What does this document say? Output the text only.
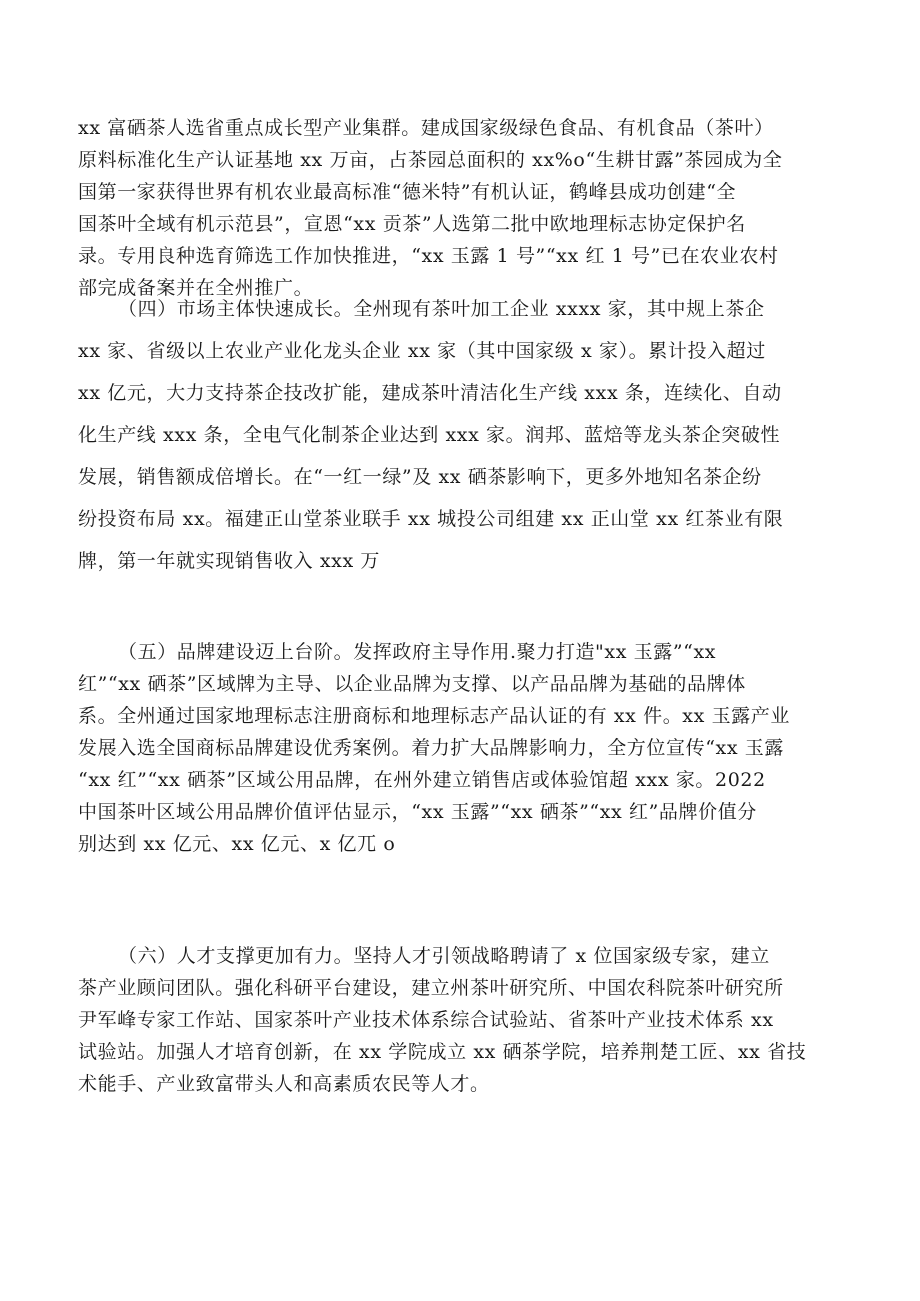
xx 富硒茶人选省重点成长型产业集群。建成国家级绿色食品、有机食品（茶叶）
原料标准化生产认证基地 xx 万亩，占茶园总面积的 xx%o“生耕甘露”茶园成为全
国第一家获得世界有机农业最高标准“德米特”有机认证，鹤峰县成功创建“全
国茶叶全域有机示范县”，宣恩“xx 贡茶”人选第二批中欧地理标志协定保护名
录。专用良种选育筛选工作加快推进，“xx 玉露 1 号”“xx 红 1 号”已在农业农村
部完成备案并在全州推广。
（四）市场主体快速成长。全州现有茶叶加工企业 xxxx 家，其中规上茶企
xx 家、省级以上农业产业化龙头企业 xx 家（其中国家级 x 家）。累计投入超过
xx 亿元，大力支持茶企技改扩能，建成茶叶清洁化生产线 xxx 条，连续化、自动
化生产线 xxx 条，全电气化制茶企业达到 xxx 家。润邦、蓝焙等龙头茶企突破性
发展，销售额成倍增长。在“一红一绿”及 xx 硒茶影响下，更多外地知名茶企纷
纷投资布局 xx。福建正山堂茶业联手 xx 城投公司组建 xx 正山堂 xx 红茶业有限
牌，第一年就实现销售收入 xxx 万
（五）品牌建设迈上台阶。发挥政府主导作用.聚力打造"xx 玉露”“xx
红”“xx 硒茶”区域牌为主导、以企业品牌为支撑、以产品品牌为基础的品牌体
系。全州通过国家地理标志注册商标和地理标志产品认证的有 xx 件。xx 玉露产业
发展入选全国商标品牌建设优秀案例。着力扩大品牌影响力，全方位宣传“xx 玉露
“xx 红”“xx 硒茶”区域公用品牌，在州外建立销售店或体验馆超 xxx 家。2022
中国茶叶区域公用品牌价值评估显示，“xx 玉露”“xx 硒茶”“xx 红”品牌价值分
别达到 xx 亿元、xx 亿元、x 亿兀 o
（六）人才支撑更加有力。坚持人才引领战略聘请了 x 位国家级专家，建立
茶产业顾问团队。强化科研平台建设，建立州茶叶研究所、中国农科院茶叶研究所
尹军峰专家工作站、国家茶叶产业技术体系综合试验站、省茶叶产业技术体系 xx
试验站。加强人才培育创新，在 xx 学院成立 xx 硒茶学院，培养荆楚工匠、xx 省技
术能手、产业致富带头人和高素质农民等人才。
